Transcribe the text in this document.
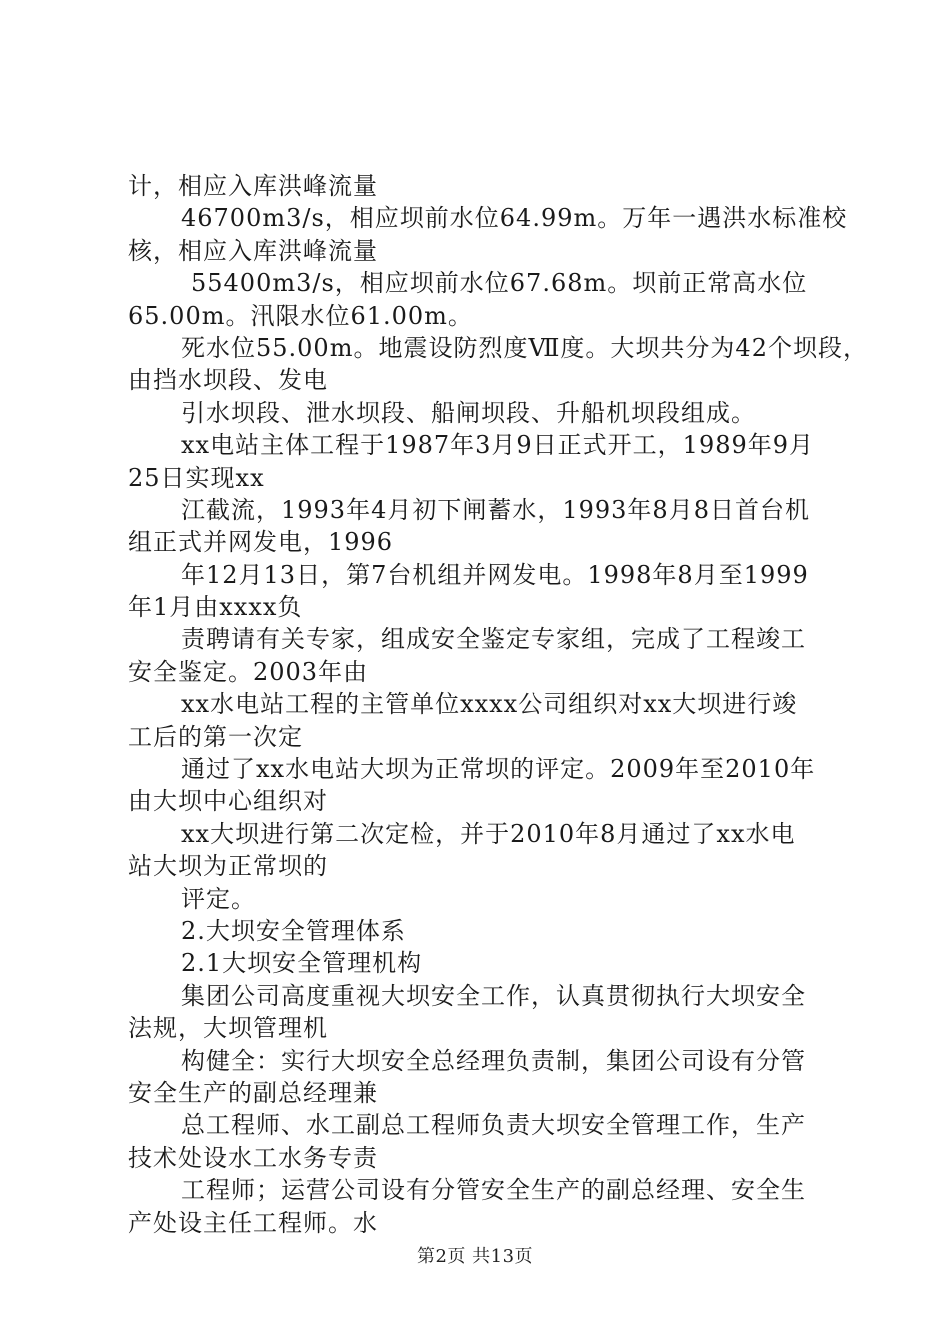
计，相应入库洪峰流量
46700m3/s，相应坝前水位64.99m。万年一遇洪水标准校
核，相应入库洪峰流量
55400m3/s，相应坝前水位67.68m。坝前正常高水位
65.00m。汛限水位61.00m。
死水位55.00m。地震设防烈度Ⅶ度。大坝共分为42个坝段，
由挡水坝段、发电
引水坝段、泄水坝段、船闸坝段、升船机坝段组成。
xx电站主体工程于1987年3月9日正式开工，1989年9月
25日实现xx
江截流，1993年4月初下闸蓄水，1993年8月8日首台机
组正式并网发电，1996
年12月13日，第7台机组并网发电。1998年8月至1999
年1月由xxxx负
责聘请有关专家，组成安全鉴定专家组，完成了工程竣工
安全鉴定。2003年由
xx水电站工程的主管单位xxxx公司组织对xx大坝进行竣
工后的第一次定
通过了xx水电站大坝为正常坝的评定。2009年至2010年
由大坝中心组织对
xx大坝进行第二次定检，并于2010年8月通过了xx水电
站大坝为正常坝的
评定。
2.大坝安全管理体系
2.1大坝安全管理机构
集团公司高度重视大坝安全工作，认真贯彻执行大坝安全
法规，大坝管理机
构健全：实行大坝安全总经理负责制，集团公司设有分管
安全生产的副总经理兼
总工程师、水工副总工程师负责大坝安全管理工作，生产
技术处设水工水务专责
工程师；运营公司设有分管安全生产的副总经理、安全生
产处设主任工程师。水
第2页 共13页
